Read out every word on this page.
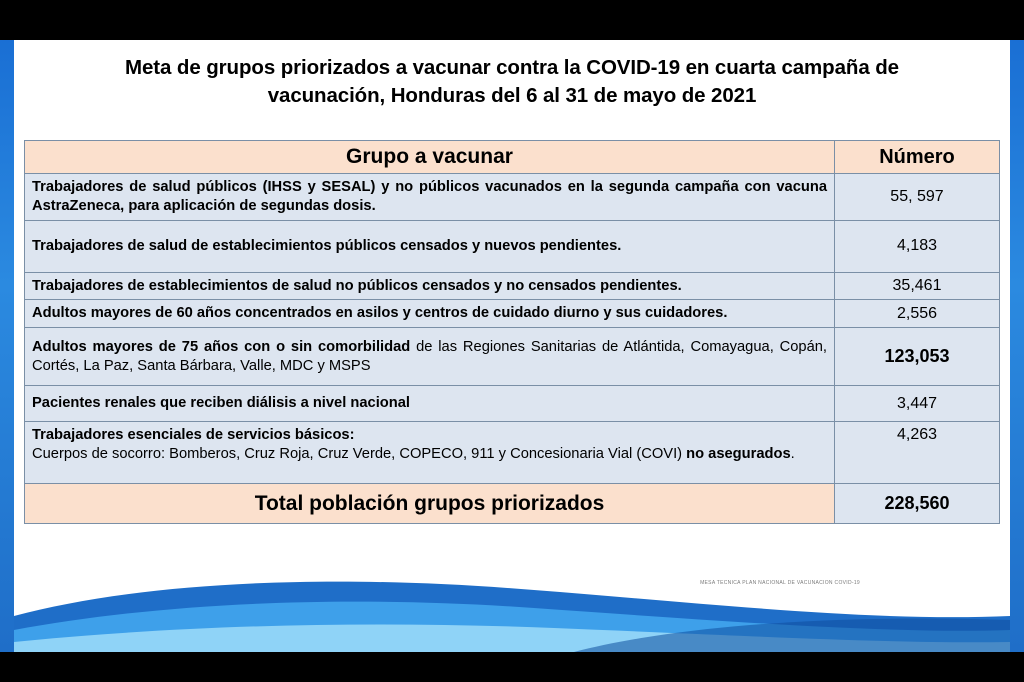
Meta de grupos priorizados a vacunar contra la COVID-19 en cuarta campaña de
vacunación, Honduras del 6 al 31 de mayo de 2021
Grupo a vacunar	Número
Trabajadores de salud públicos (IHSS y SESAL) y no públicos vacunados en la segunda campaña con vacuna AstraZeneca, para aplicación de segundas dosis.	55, 597
Trabajadores de salud de establecimientos públicos censados y nuevos pendientes.	4,183
Trabajadores de establecimientos de salud no públicos censados y no censados pendientes.	35,461
Adultos mayores de 60 años concentrados en asilos y centros de cuidado diurno y sus cuidadores.	2,556
Adultos mayores de 75 años con o sin comorbilidad de las Regiones Sanitarias de Atlántida, Comayagua, Copán, Cortés, La Paz, Santa Bárbara, Valle, MDC y MSPS	123,053
Pacientes renales que reciben diálisis a nivel nacional	3,447
Trabajadores esenciales de servicios básicos:
Cuerpos de socorro: Bomberos, Cruz Roja, Cruz Verde, COPECO, 911 y Concesionaria Vial (COVI) no asegurados.	4,263
Total población grupos priorizados	228,560
MESA TECNICA PLAN NACIONAL DE VACUNACION COVID-19
